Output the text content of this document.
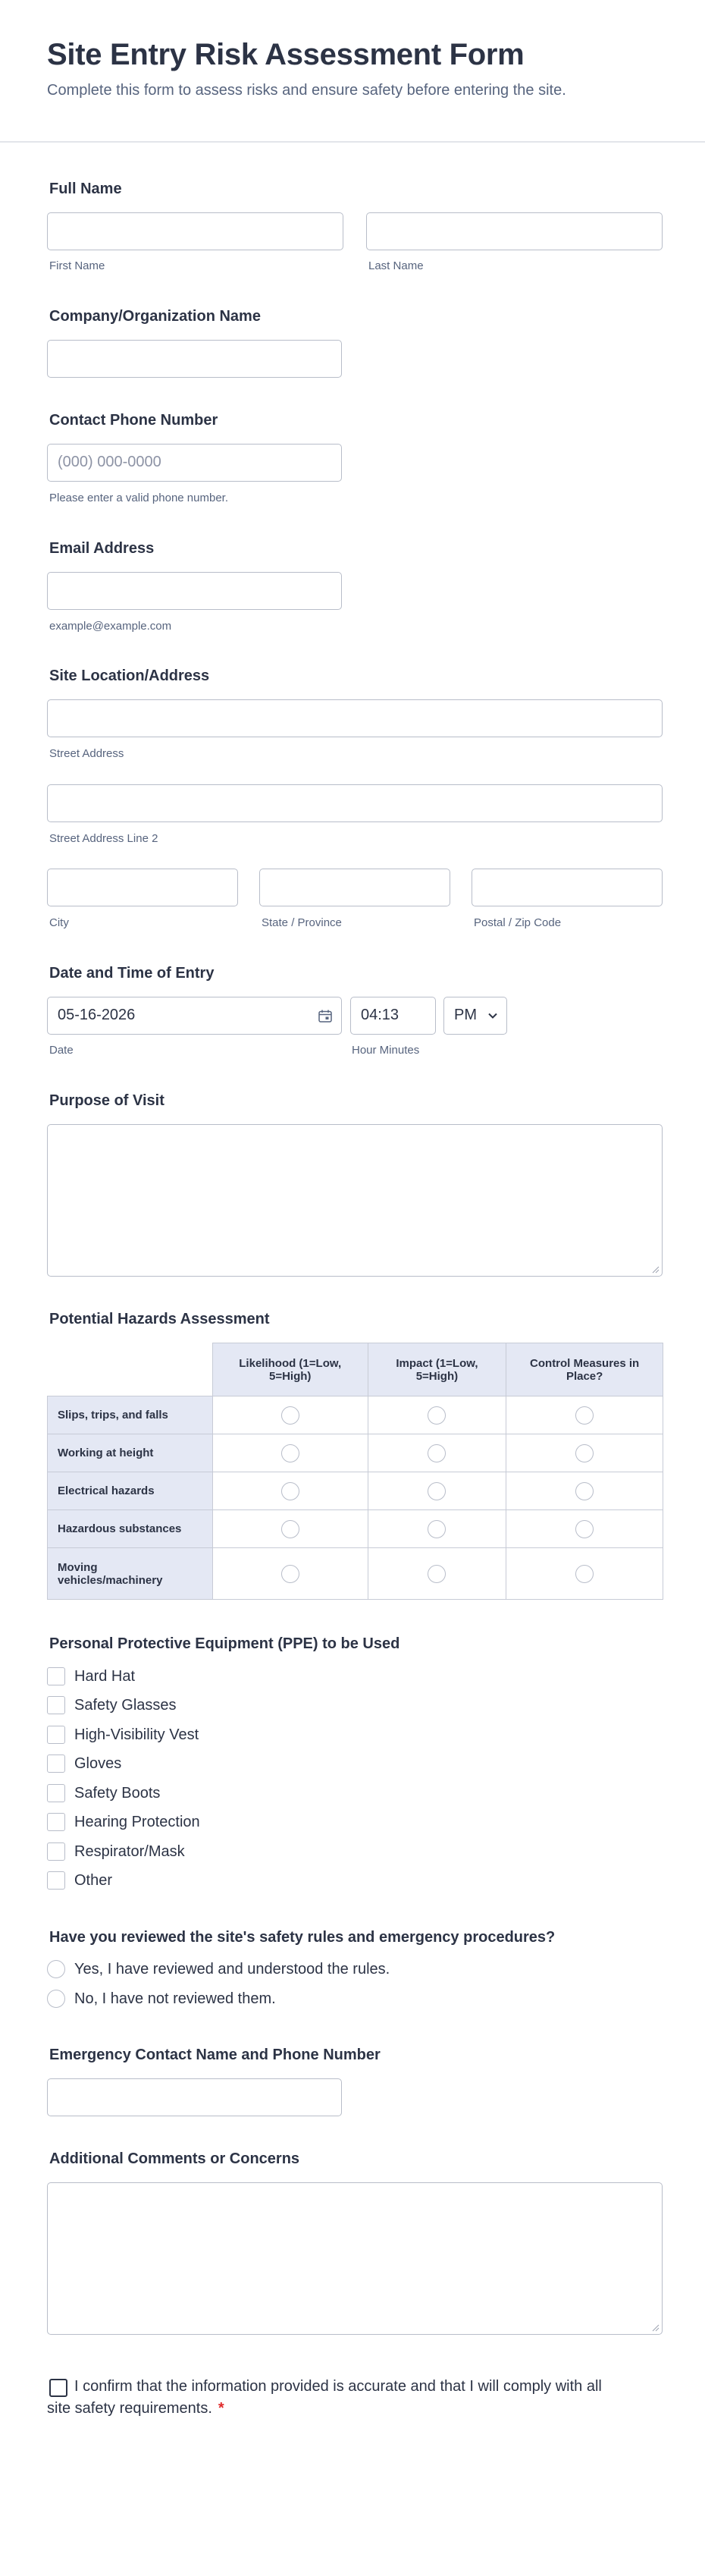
Site Entry Risk Assessment Form
Complete this form to assess risks and ensure safety before entering the site.
Full Name
First Name	Last Name
Company/Organization Name
Contact Phone Number
(000) 000-0000
Please enter a valid phone number.
Email Address
example@example.com
Site Location/Address
Street Address
Street Address Line 2
City	State / Province	Postal / Zip Code
Date and Time of Entry
05-16-2026	04:13	PM
Date	Hour Minutes
Purpose of Visit
Potential Hazards Assessment
	Likelihood (1=Low, 5=High)	Impact (1=Low, 5=High)	Control Measures in Place?
Slips, trips, and falls			
Working at height			
Electrical hazards			
Hazardous substances			
Moving vehicles/machinery			
Personal Protective Equipment (PPE) to be Used
Hard Hat
Safety Glasses
High-Visibility Vest
Gloves
Safety Boots
Hearing Protection
Respirator/Mask
Other
Have you reviewed the site's safety rules and emergency procedures?
Yes, I have reviewed and understood the rules.
No, I have not reviewed them.
Emergency Contact Name and Phone Number
Additional Comments or Concerns
I confirm that the information provided is accurate and that I will comply with all site safety requirements. *
